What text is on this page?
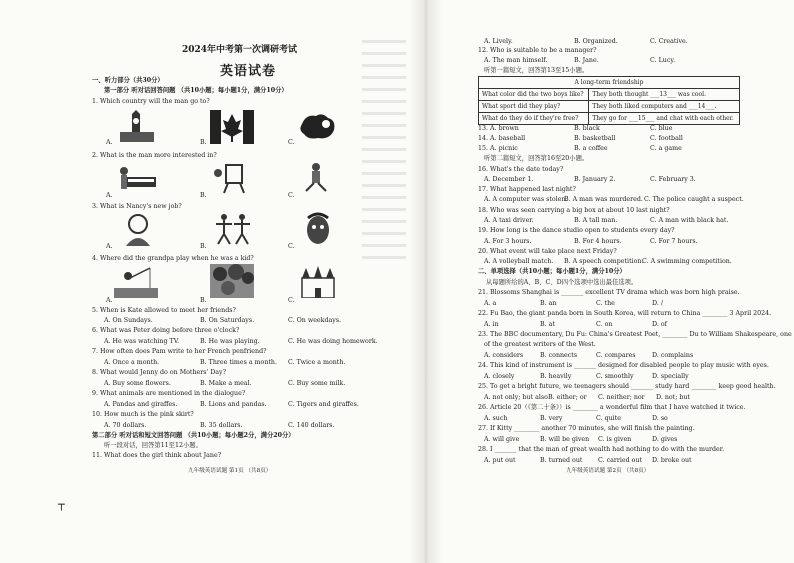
2024年中考第一次调研考试
英语试卷
一、听力部分（共30分）
第一部分 听对话回答问题 （共10小题；每小题1分，满分10分）
1. Which country will the man go to?
A.	B.	C.
2. What is the man more interested in?
A.	B.	C.
3. What is Nancy's new job?
A.	B.	C.
4. Where did the grandpa play when he was a kid?
A.	B.	C.
5. When is Kate allowed to meet her friends?
A. On Sundays.	B. On Saturdays.	C. On weekdays.
6. What was Peter doing before three o'clock?
A. He was watching TV.	B. He was playing.	C. He was doing homework.
7. How often does Pam write to her French penfriend?
A. Once a month.	B. Three times a month. C. Twice a month.
8. What would Jenny do on Mothers' Day?
A. Buy some flowers.	B. Make a meal.	C. Buy some milk.
9. What animals are mentioned in the dialogue?
A. Pandas and giraffes.	B. Lions and pandas.	C. Tigers and giraffes.
10. How much is the pink skirt?
A. 70 dollars.	B. 35 dollars.	C. 140 dollars.
第二部分 听对话和短文回答问题 （共10小题；每小题2分，满分20分）
听一段对话，回答第11至12小题。
11. What does the girl think about Jane?
九年级英语试题 第1页 （共8页）
A. Lively.	B. Organized.	C. Creative.
12. Who is suitable to be a manager?
A. The man himself.	B. Jane.	C. Lucy.
听第一篇短文，回答第13至15小题。
A long-term friendship	
What color did the two boys like?	They both thought ___13___ was cool.
What sport did they play?	They both liked computers and ___14___.
What do they do if they're free?	They go for ___15___ and chat with each other.
13. A. brown	B. black	C. blue
14. A. baseball	B. basketball	C. football
15. A. picnic	B. a coffee	C. a game
听第二篇短文，回答第16至20小题。
16. What's the date today?
A. December 1.	B. January 2.	C. February 3.
17. What happened last night?
A. A computer was stolen.
B. A man was murdered. C. The police caught a suspect.
18. Who was seen carrying a big box at about 10 last night?
A. A taxi driver.	B. A tall man.	C. A man with black hat.
19. How long is the dance studio open to students every day?
A. For 3 hours.	B. For 4 hours.	C. For 7 hours.
20. What event will take place next Friday?
A. A volleyball match. B. A speech competition.
C. A swimming competition.
二、单项选择（共10小题；每小题1分，满分10分）
从每题所给的A、B、C、D四个选项中选出最佳选项。
21. Blossoms Shanghai is _______ excellent TV drama which was born high praise.
A. a	B. an	C. the	D. /
22. Fu Bao, the giant panda born in South Korea, will return to China ________ 3 April 2024.
A. in	B. at	C. on	D. of
23. The BBC documentary, Du Fu: China's Greatest Poet, ________ Du to William Shakespeare, one
of the greatest writers of the West.
A. considers	B. connects	C. compares	D. complains
24. This kind of instrument is _______ designed for disabled people to play music with eyes.
A. closely	B. heavily	C. smoothly	D. specially
25. To get a bright future, we teenagers should _______ study hard ________ keep good health.
A. not only; but also B. either; or C. neither; nor D. not; but
26. Article 20（《第二十条》）is ________ a wonderful film that I have watched it twice.
A. such	B. very	C. quite	D. so
27. If Kitty ________ another 70 minutes, she will finish the painting.
A. will give	B. will be given C. is given	D. gives
28. I _______ that the man of great wealth had nothing to do with the murder.
A. put out	B. turned out C. carried out D. broke out
九年级英语试题 第2页 （共8页）
┬
